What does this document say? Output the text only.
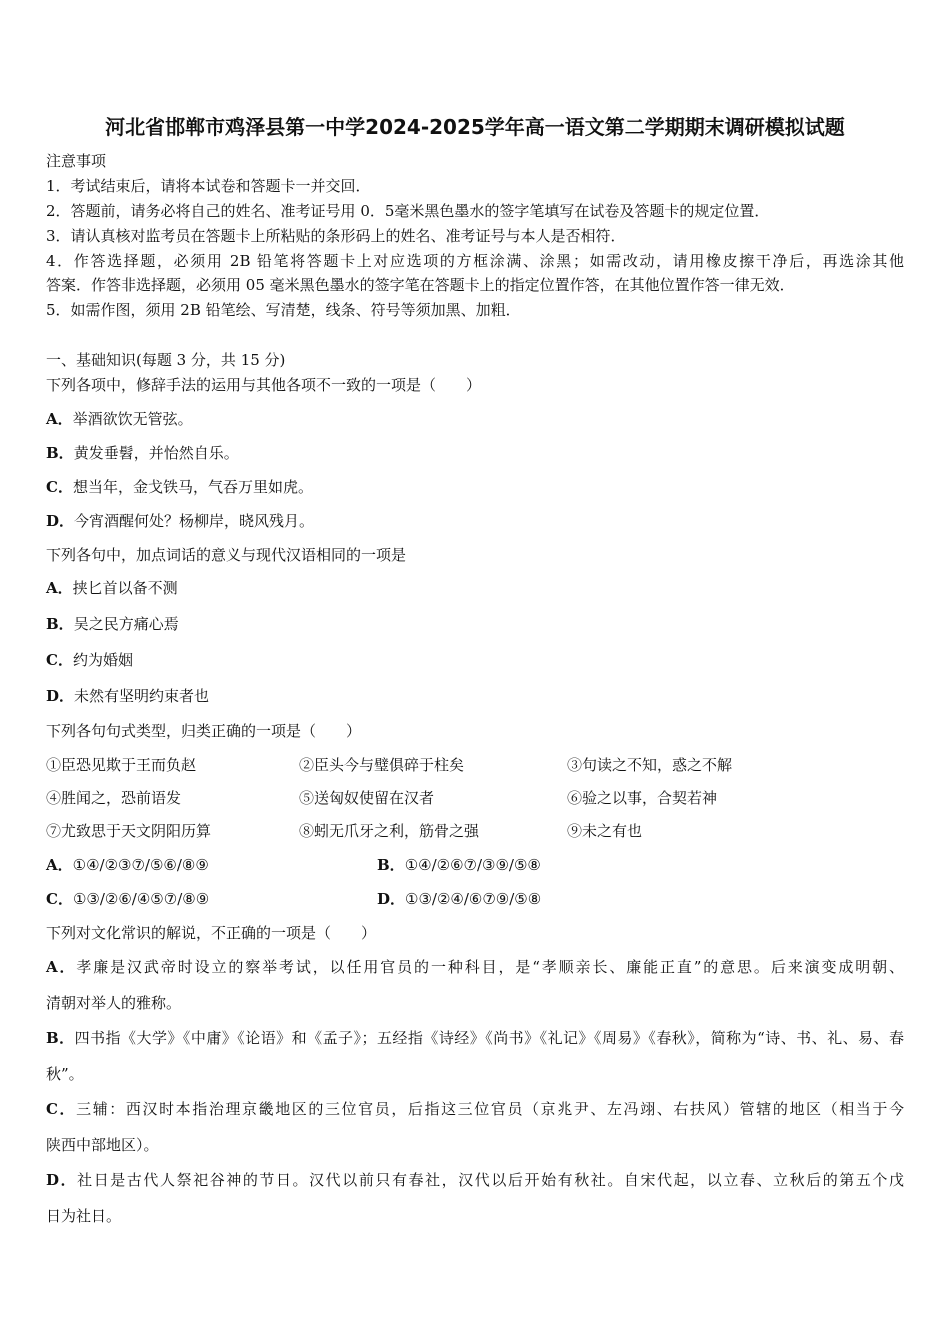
河北省邯郸市鸡泽县第一中学2024-2025学年高一语文第二学期期末调研模拟试题
注意事项
1．考试结束后，请将本试卷和答题卡一并交回．
2．答题前，请务必将自己的姓名、准考证号用 0．5毫米黑色墨水的签字笔填写在试卷及答题卡的规定位置．
3．请认真核对监考员在答题卡上所粘贴的条形码上的姓名、准考证号与本人是否相符．
4．作答选择题，必须用 2B 铅笔将答题卡上对应选项的方框涂满、涂黑；如需改动，请用橡皮擦干净后，再选涂其他
答案．作答非选择题，必须用 05 毫米黑色墨水的签字笔在答题卡上的指定位置作答，在其他位置作答一律无效．
5．如需作图，须用 2B 铅笔绘、写清楚，线条、符号等须加黑、加粗．
一、基础知识(每题 3 分，共 15 分)
下列各项中，修辞手法的运用与其他各项不一致的一项是（　　）
A．举酒欲饮无管弦。
B．黄发垂髫，并怡然自乐。
C．想当年，金戈铁马，气吞万里如虎。
D．今宵酒醒何处？杨柳岸，晓风残月。
下列各句中，加点词话的意义与现代汉语相同的一项是
A．挟匕首以备不测
B．吴之民方痛心焉
C．约为婚姻
D．未然有坚明约束者也
下列各句句式类型，归类正确的一项是（　　）
①臣恐见欺于王而负赵	②臣头今与璧俱碎于柱矣	③句读之不知，惑之不解
④胜闻之，恐前语发	⑤送匈奴使留在汉者	⑥验之以事，合契若神
⑦尤致思于天文阴阳历算	⑧蚓无爪牙之利，筋骨之强	⑨未之有也
A．①④/②③⑦/⑤⑥/⑧⑨	B．①④/②⑥⑦/③⑨/⑤⑧
C．①③/②⑥/④⑤⑦/⑧⑨	D．①③/②④/⑥⑦⑨/⑤⑧
下列对文化常识的解说，不正确的一项是（　　）
A．孝廉是汉武帝时设立的察举考试，以任用官员的一种科目，是“孝顺亲长、廉能正直”的意思。后来演变成明朝、
清朝对举人的雅称。
B．四书指《大学》《中庸》《论语》和《孟子》；五经指《诗经》《尚书》《礼记》《周易》《春秋》，简称为“诗、书、礼、易、春
秋”。
C．三辅：西汉时本指治理京畿地区的三位官员，后指这三位官员（京兆尹、左冯翊、右扶风）管辖的地区（相当于今
陕西中部地区）。
D．社日是古代人祭祀谷神的节日。汉代以前只有春社，汉代以后开始有秋社。自宋代起，以立春、立秋后的第五个戊
日为社日。
